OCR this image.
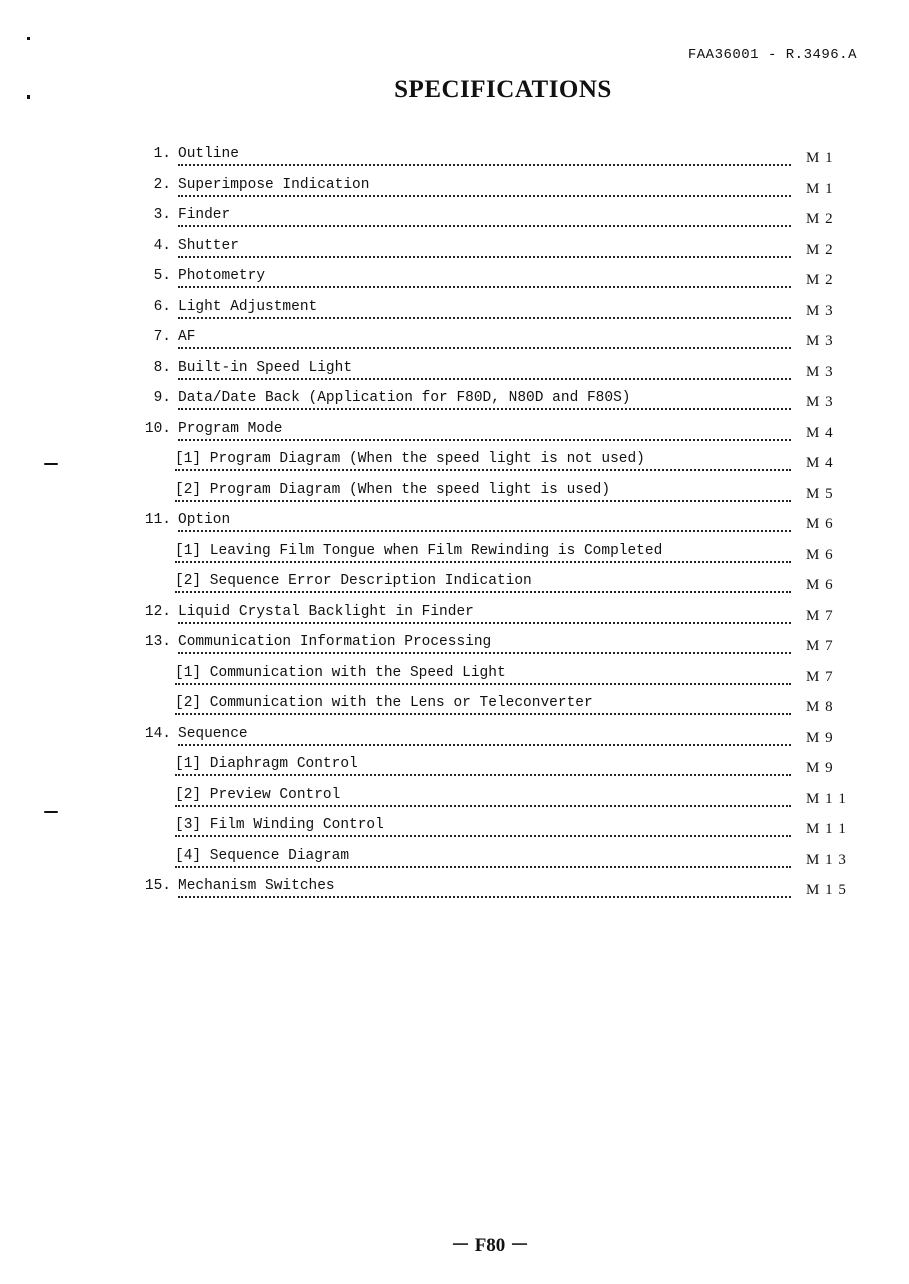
FAA36001 - R.3496.A
SPECIFICATIONS
1. Outline	M 1
2. Superimpose Indication	M 1
3. Finder	M 2
4. Shutter	M 2
5. Photometry	M 2
6. Light Adjustment	M 3
7. AF	M 3
8. Built-in Speed Light	M 3
9. Data/Date Back (Application for F80D, N80D and F80S)	M 3
10. Program Mode	M 4
[1] Program Diagram (When the speed light is not used)	M 4
[2] Program Diagram (When the speed light is used)	M 5
11. Option	M 6
[1] Leaving Film Tongue when Film Rewinding is Completed	M 6
[2] Sequence Error Description Indication	M 6
12. Liquid Crystal Backlight in Finder	M 7
13. Communication Information Processing	M 7
[1] Communication with the Speed Light	M 7
[2] Communication with the Lens or Teleconverter	M 8
14. Sequence	M 9
[1] Diaphragm Control	M 9
[2] Preview Control	M 1 1
[3] Film Winding Control	M 1 1
[4] Sequence Diagram	M 1 3
15. Mechanism Switches	M 1 5
－ F80 －
